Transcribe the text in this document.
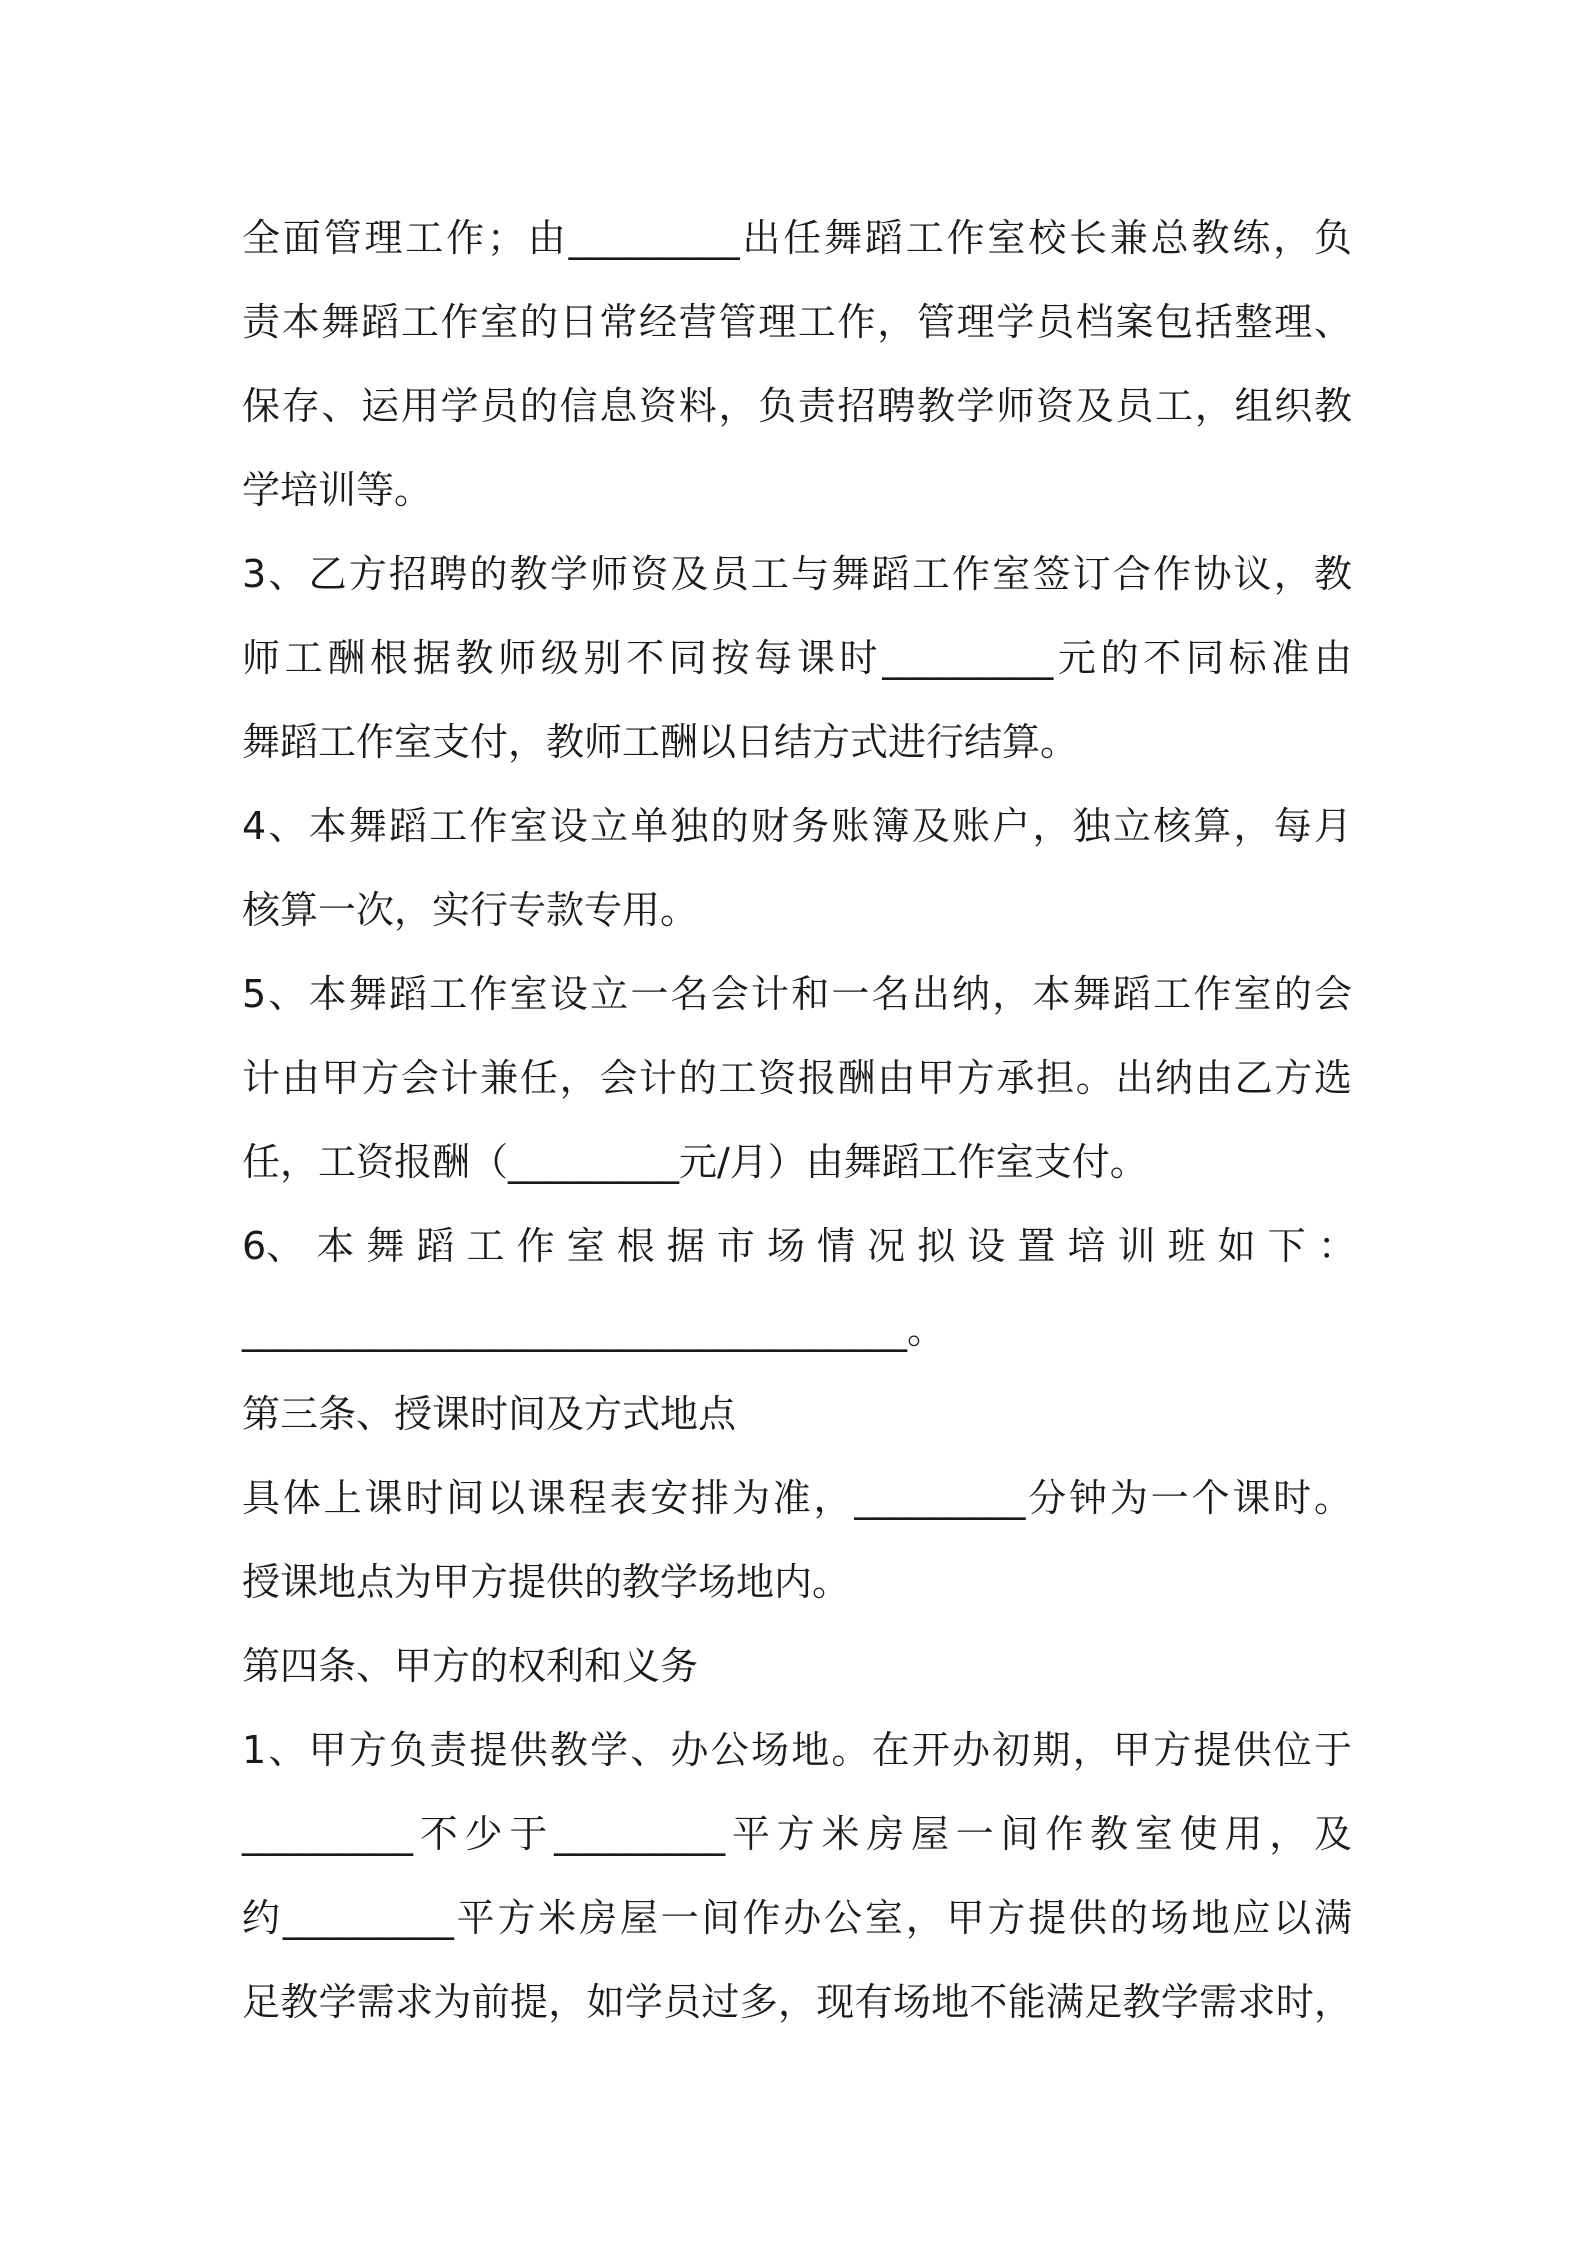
全面管理工作；由_________出任舞蹈工作室校长兼总教练，负
责本舞蹈工作室的日常经营管理工作，管理学员档案包括整理、
保存、运用学员的信息资料，负责招聘教学师资及员工，组织教
学培训等。
3、乙方招聘的教学师资及员工与舞蹈工作室签订合作协议，教
师工酬根据教师级别不同按每课时_________元的不同标准由
舞蹈工作室支付，教师工酬以日结方式进行结算。
4、本舞蹈工作室设立单独的财务账簿及账户，独立核算，每月
核算一次，实行专款专用。
5、本舞蹈工作室设立一名会计和一名出纳，本舞蹈工作室的会
计由甲方会计兼任，会计的工资报酬由甲方承担。出纳由乙方选
任，工资报酬（_________元/月）由舞蹈工作室支付。
6、 本 舞 蹈 工 作 室 根 据 市 场 情 况 拟 设 置 培 训 班 如 下 ：
___________________________________。
第三条、授课时间及方式地点
具体上课时间以课程表安排为准，_________分钟为一个课时。
授课地点为甲方提供的教学场地内。
第四条、甲方的权利和义务
1、甲方负责提供教学、办公场地。在开办初期，甲方提供位于
_________不少于_________平方米房屋一间作教室使用，及
约_________平方米房屋一间作办公室，甲方提供的场地应以满
足教学需求为前提，如学员过多，现有场地不能满足教学需求时，
